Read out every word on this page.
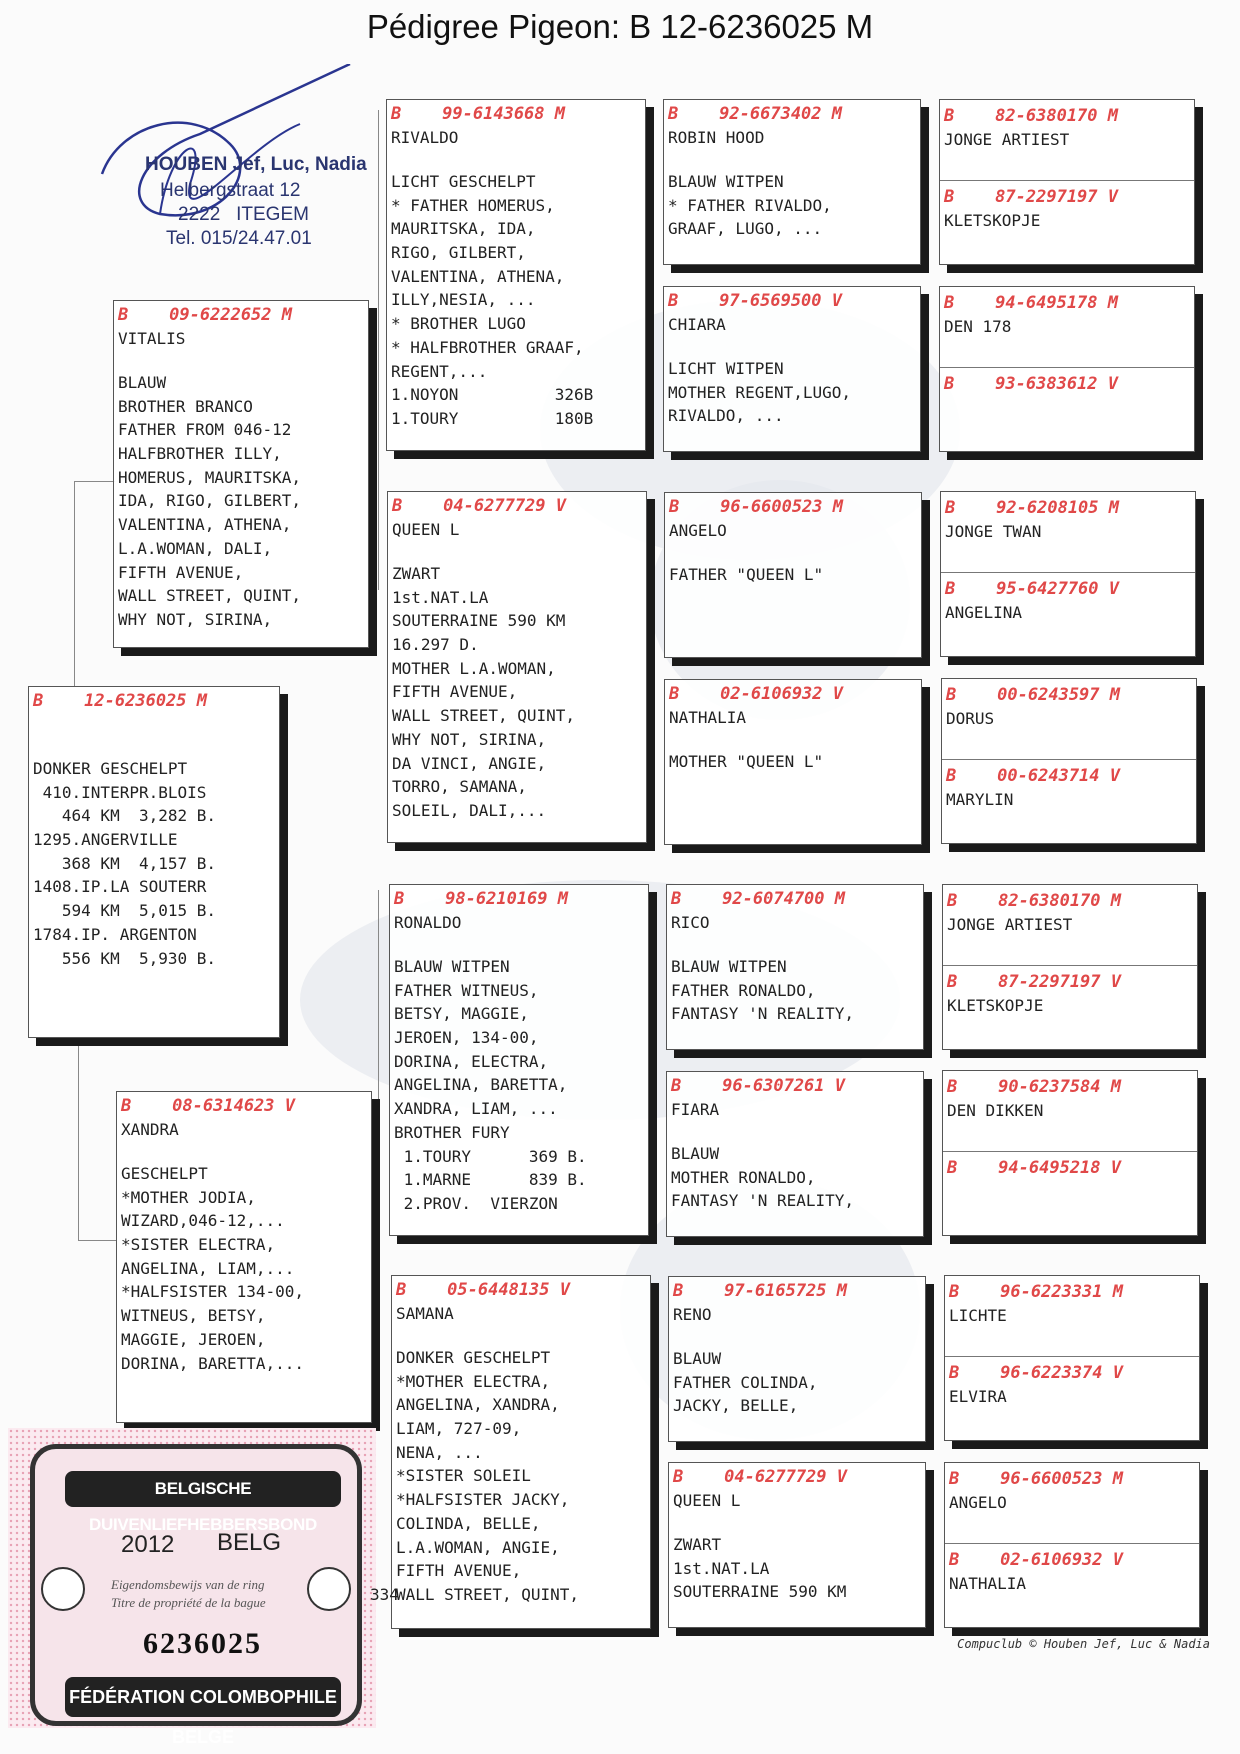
Pédigree Pigeon: B 12-6236025 M
HOUBEN Jef, Luc, Nadia
Helbergstraat 12
2222   ITEGEM
Tel. 015/24.47.01
B    12-6236025 M
DONKER GESCHELPT
410.INTERPR.BLOIS
464 KM  3,282 B.
1295.ANGERVILLE
368 KM  4,157 B.
1408.IP.LA SOUTERR
594 KM  5,015 B.
1784.IP. ARGENTON
556 KM  5,930 B.
B    09-6222652 M
VITALIS
BLAUW
BROTHER BRANCO
FATHER FROM 046-12
HALFBROTHER ILLY,
HOMERUS, MAURITSKA,
IDA, RIGO, GILBERT,
VALENTINA, ATHENA,
L.A.WOMAN, DALI,
FIFTH AVENUE,
WALL STREET, QUINT,
WHY NOT, SIRINA,
B    08-6314623 V
XANDRA
GESCHELPT
*MOTHER JODIA,
WIZARD,046-12,...
*SISTER ELECTRA,
ANGELINA, LIAM,...
*HALFSISTER 134-00,
WITNEUS, BETSY,
MAGGIE, JEROEN,
DORINA, BARETTA,...
B    99-6143668 M
RIVALDO
LICHT GESCHELPT
* FATHER HOMERUS,
MAURITSKA, IDA,
RIGO, GILBERT,
VALENTINA, ATHENA,
ILLY,NESIA, ...
* BROTHER LUGO
* HALFBROTHER GRAAF,
REGENT,...
1.NOYON          326B
1.TOURY          180B
B    04-6277729 V
QUEEN L
ZWART
1st.NAT.LA
SOUTERRAINE 590 KM
16.297 D.
MOTHER L.A.WOMAN,
FIFTH AVENUE,
WALL STREET, QUINT,
WHY NOT, SIRINA,
DA VINCI, ANGIE,
TORRO, SAMANA,
SOLEIL, DALI,...
B    98-6210169 M
RONALDO
BLAUW WITPEN
FATHER WITNEUS,
BETSY, MAGGIE,
JEROEN, 134-00,
DORINA, ELECTRA,
ANGELINA, BARETTA,
XANDRA, LIAM, ...
BROTHER FURY
1.TOURY      369 B.
1.MARNE      839 B.
2.PROV.  VIERZON
B    05-6448135 V
SAMANA
DONKER GESCHELPT
*MOTHER ELECTRA,
ANGELINA, XANDRA,
LIAM, 727-09,
NENA, ...
*SISTER SOLEIL
*HALFSISTER JACKY,
COLINDA, BELLE,
L.A.WOMAN, ANGIE,
FIFTH AVENUE,
WALL STREET, QUINT,
B    92-6673402 M
ROBIN HOOD
BLAUW WITPEN
* FATHER RIVALDO,
GRAAF, LUGO, ...
B    97-6569500 V
CHIARA
LICHT WITPEN
MOTHER REGENT,LUGO,
RIVALDO, ...
B    96-6600523 M
ANGELO
FATHER "QUEEN L"
B    02-6106932 V
NATHALIA
MOTHER "QUEEN L"
B    92-6074700 M
RICO
BLAUW WITPEN
FATHER RONALDO,
FANTASY 'N REALITY,
B    96-6307261 V
FIARA
BLAUW
MOTHER RONALDO,
FANTASY 'N REALITY,
B    97-6165725 M
RENO
BLAUW
FATHER COLINDA,
JACKY, BELLE,
B    04-6277729 V
QUEEN L
ZWART
1st.NAT.LA
SOUTERRAINE 590 KM
B    82-6380170 M
JONGE ARTIEST
B    87-2297197 V
KLETSKOPJE
B    94-6495178 M
DEN 178
B    93-6383612 V
B    92-6208105 M
JONGE TWAN
B    95-6427760 V
ANGELINA
B    00-6243597 M
DORUS
B    00-6243714 V
MARYLIN
B    82-6380170 M
JONGE ARTIEST
B    87-2297197 V
KLETSKOPJE
B    90-6237584 M
DEN DIKKEN
B    94-6495218 V
B    96-6223331 M
LICHTE
B    96-6223374 V
ELVIRA
B    96-6600523 M
ANGELO
B    02-6106932 V
NATHALIA
BELGISCHE DUIVENLIEFHEBBERSBOND
2012 BELG
Eigendomsbewijs van de ring
Titre de propriété de la bague
6236025
FÉDÉRATION COLOMBOPHILE BELGE
334
Compuclub © Houben Jef, Luc & Nadia
